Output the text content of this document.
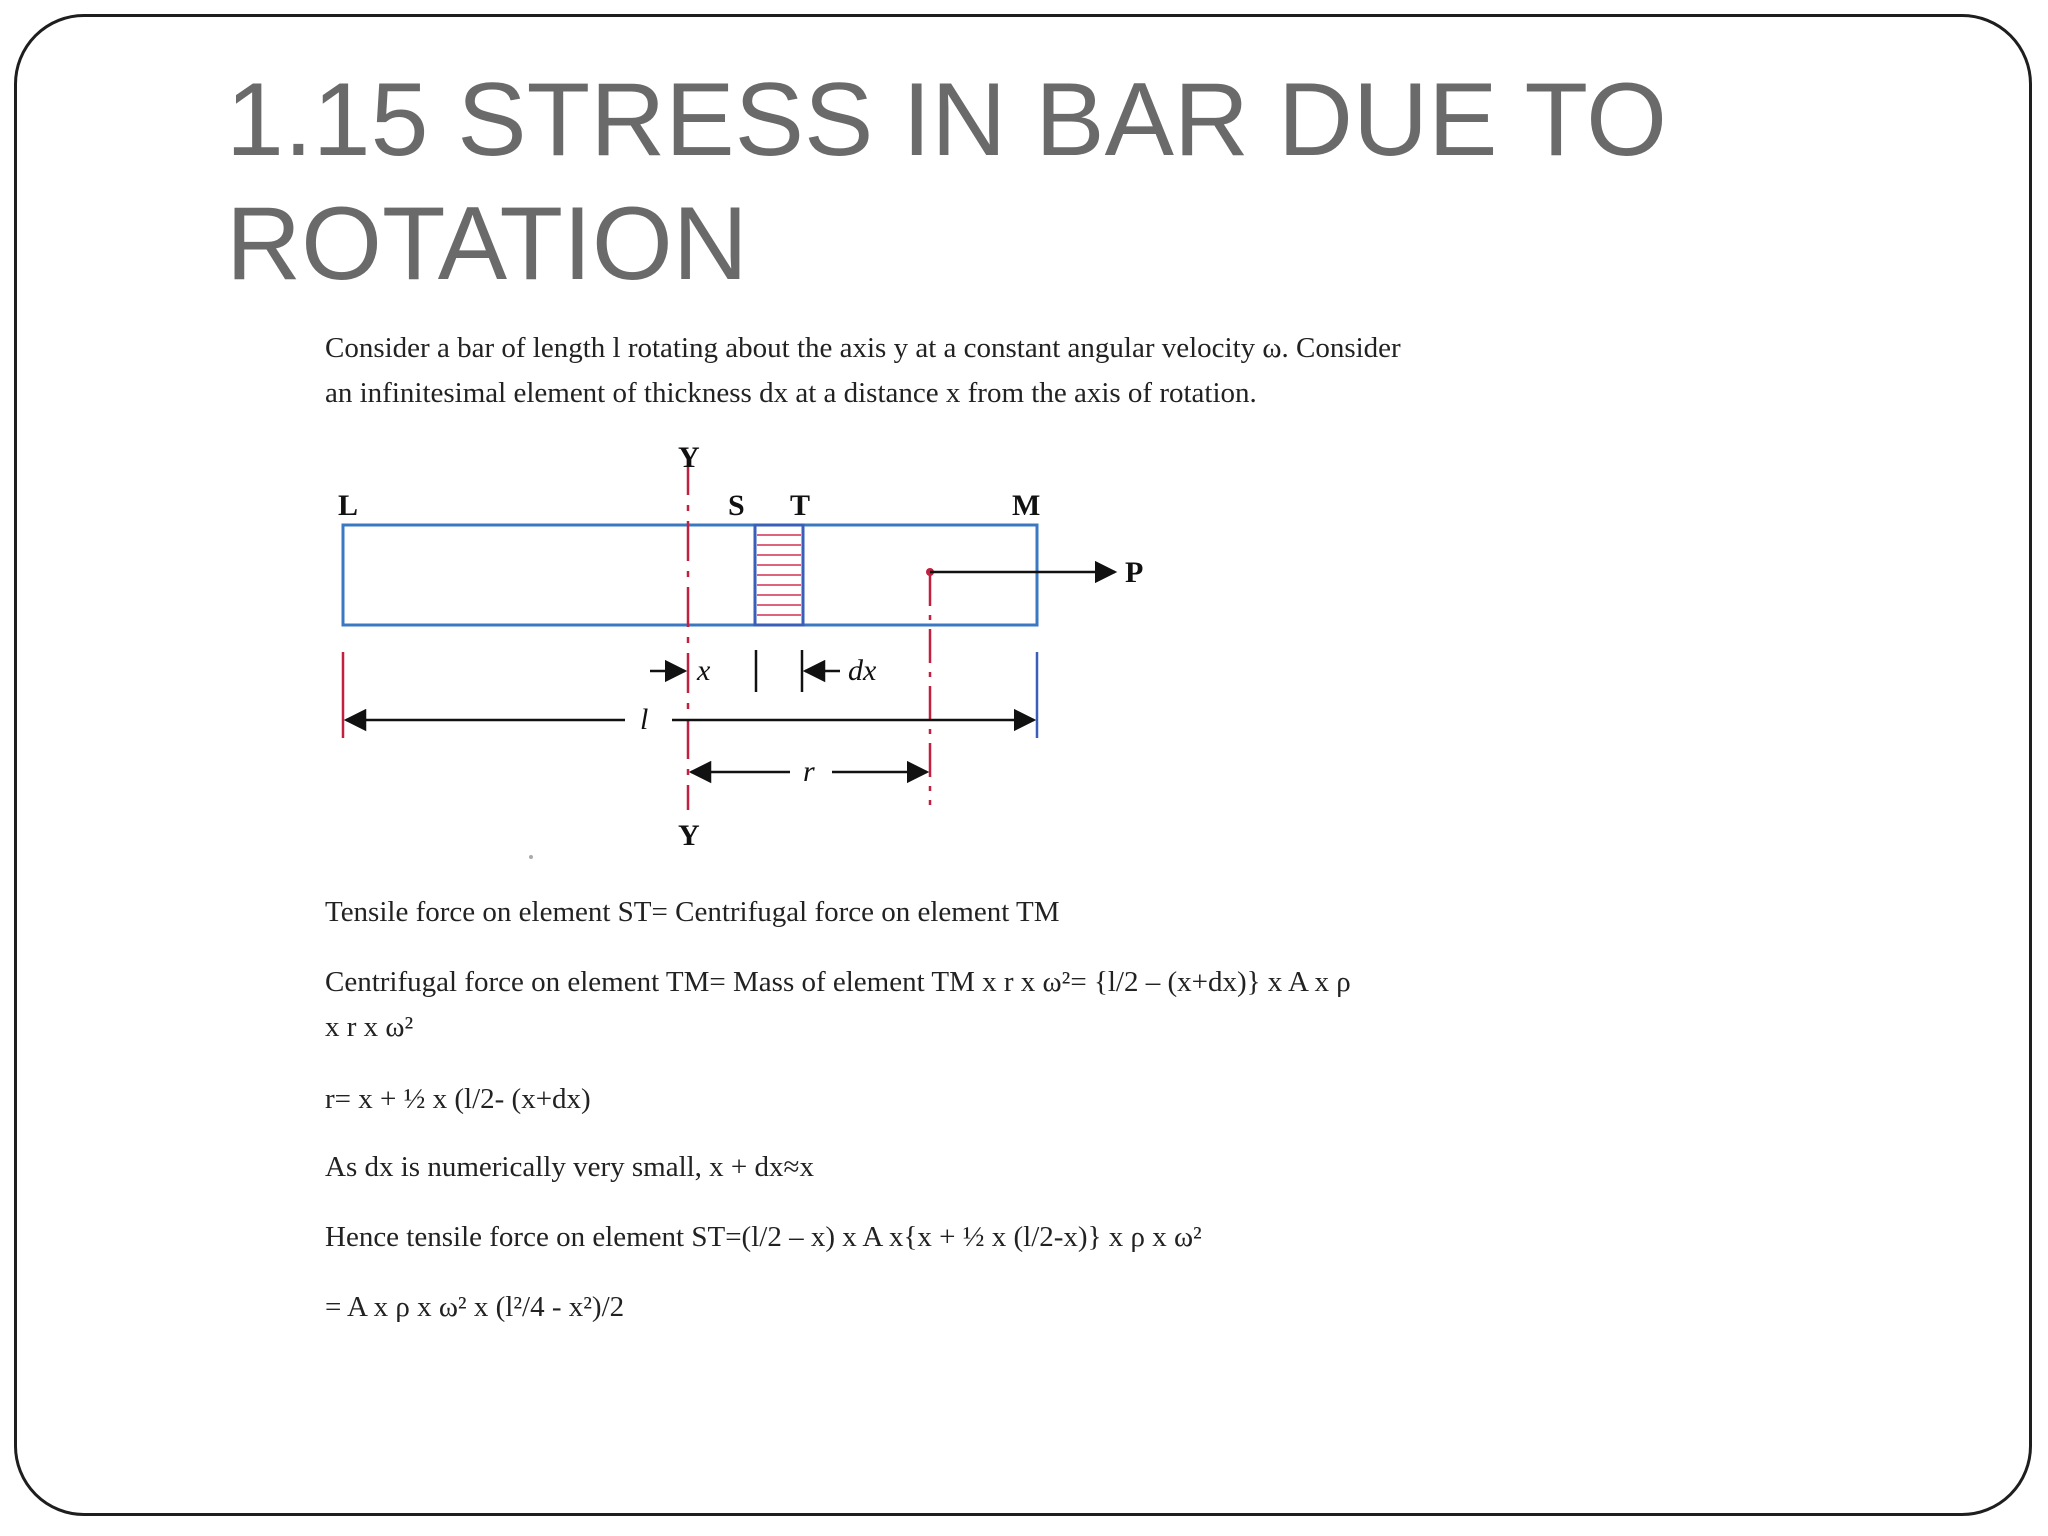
1.15 STRESS IN BAR DUE TO
ROTATION
Consider a bar of length l rotating about the axis y at a constant angular velocity ω. Consider
an infinitesimal element of thickness dx at a distance x from the axis of rotation.
Y
Y
L	S T	M
P
x	dx
l
r

Tensile force on element ST= Centrifugal force on element TM

Centrifugal force on element TM= Mass of element TM x r x ω²= {l/2 – (x+dx)} x A x ρ
x r x ω²

r= x + ½ x (l/2- (x+dx)

As dx is numerically very small, x + dx≈x

Hence tensile force on element ST=(l/2 – x) x A x{x + ½ x (l/2-x)} x ρ x ω²

= A x ρ x ω² x (l²/4 - x²)/2
